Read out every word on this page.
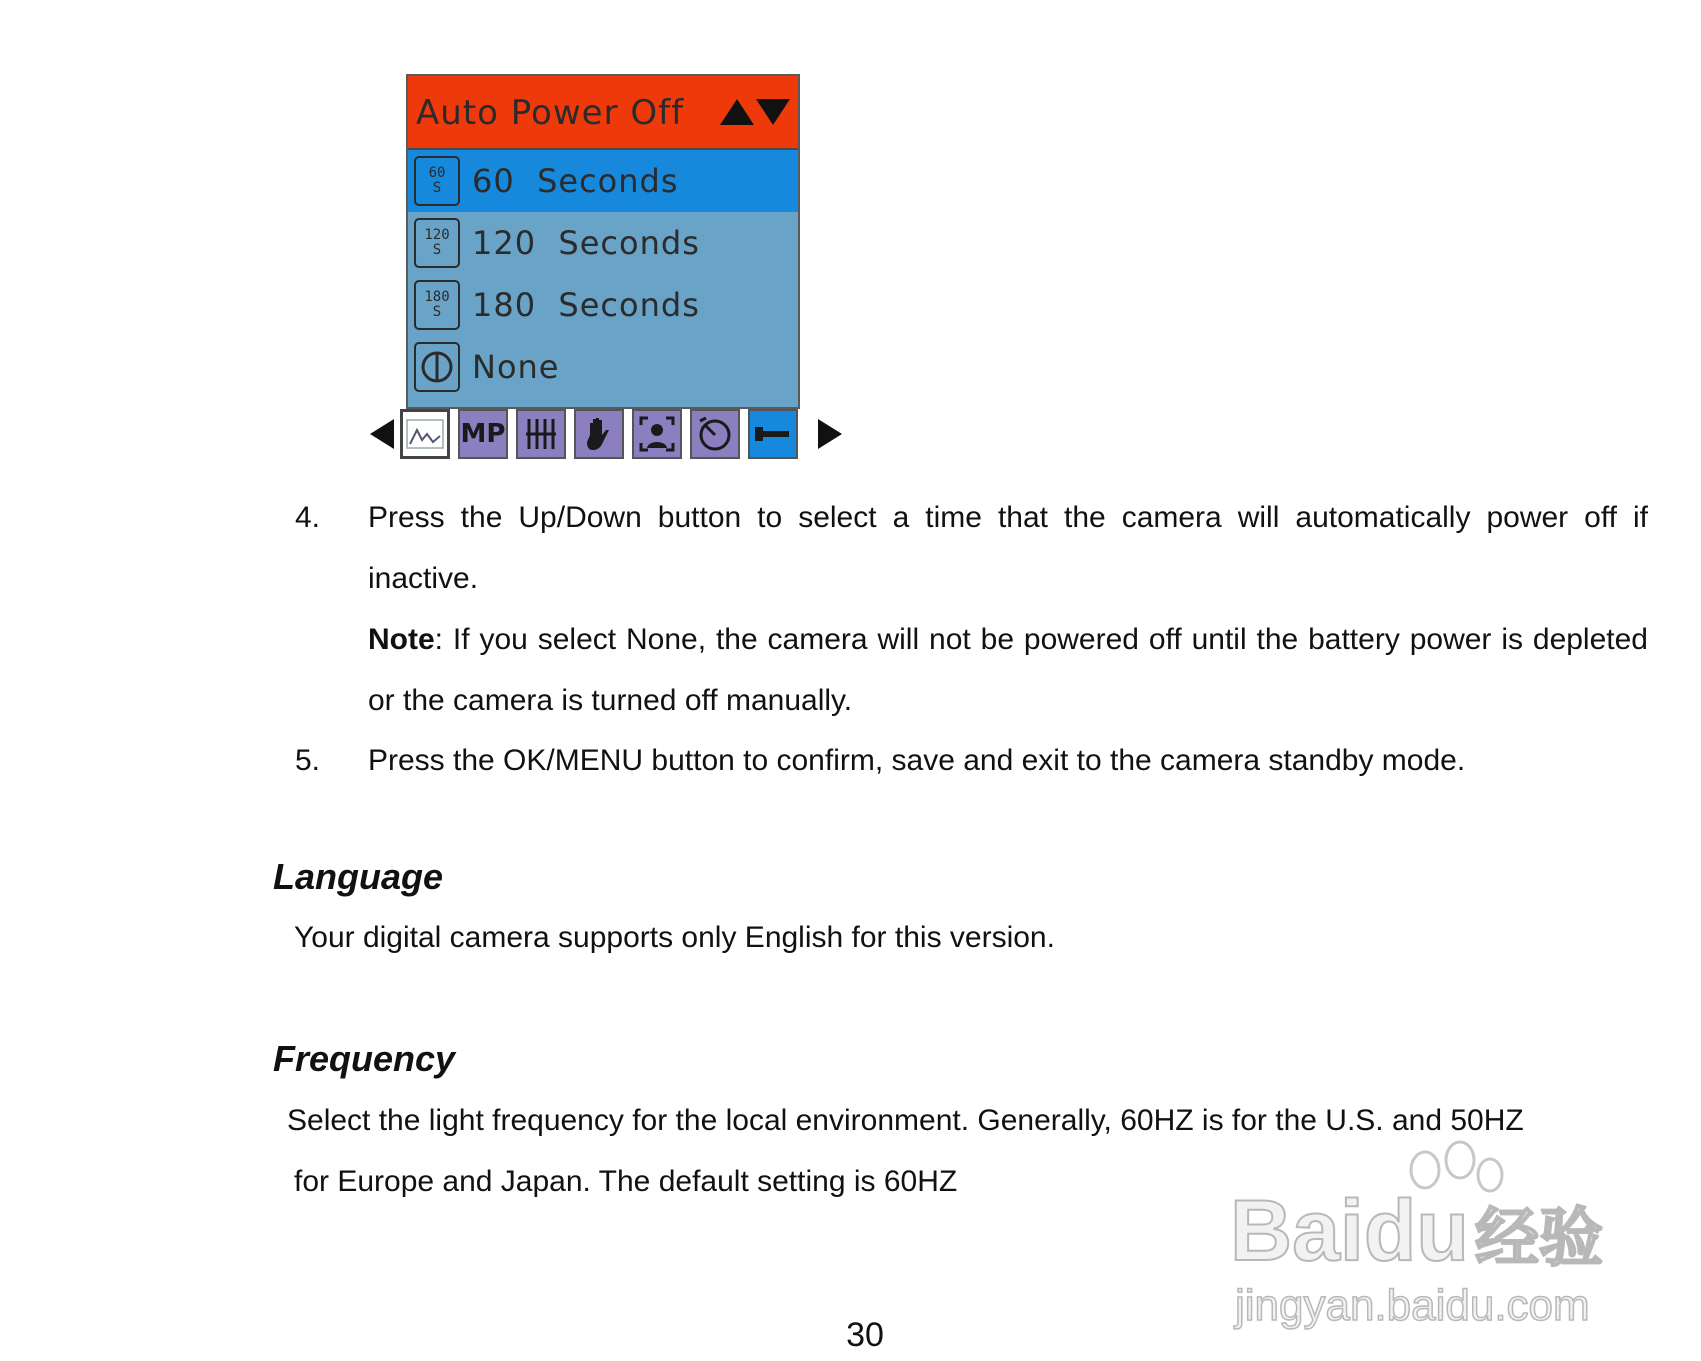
Auto Power Off
60
S 60  Seconds
120
S 120  Seconds
180
S 180  Seconds
None
MP
4. Press the Up/Down button to select a time that the camera will automatically power off if inactive.
Note: If you select None, the camera will not be powered off until the battery power is depleted or the camera is turned off manually.
5. Press the OK/MENU button to confirm, save and exit to the camera standby mode.
Language
Your digital camera supports only English for this version.
Frequency
Select the light frequency for the local environment. Generally, 60HZ is for the U.S. and 50HZ
for Europe and Japan. The default setting is 60HZ
30
Baidu 经验
jingyan.baidu.com
